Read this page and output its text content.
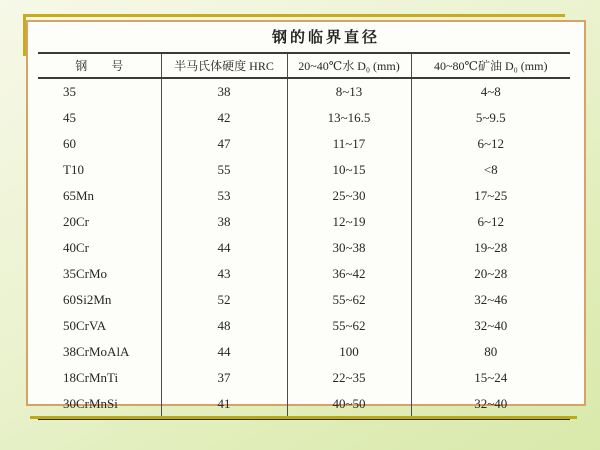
钢的临界直径
钢　　号	半马氏体硬度 HRC	20~40℃水 D₀ (mm)	40~80℃矿油 D₀ (mm)
35	38	8~13	4~8
45	42	13~16.5	5~9.5
60	47	11~17	6~12
T10	55	10~15	<8
65Mn	53	25~30	17~25
20Cr	38	12~19	6~12
40Cr	44	30~38	19~28
35CrMo	43	36~42	20~28
60Si2Mn	52	55~62	32~46
50CrVA	48	55~62	32~40
38CrMoAlA	44	100	80
18CrMnTi	37	22~35	15~24
30CrMnSi	41	40~50	32~40
